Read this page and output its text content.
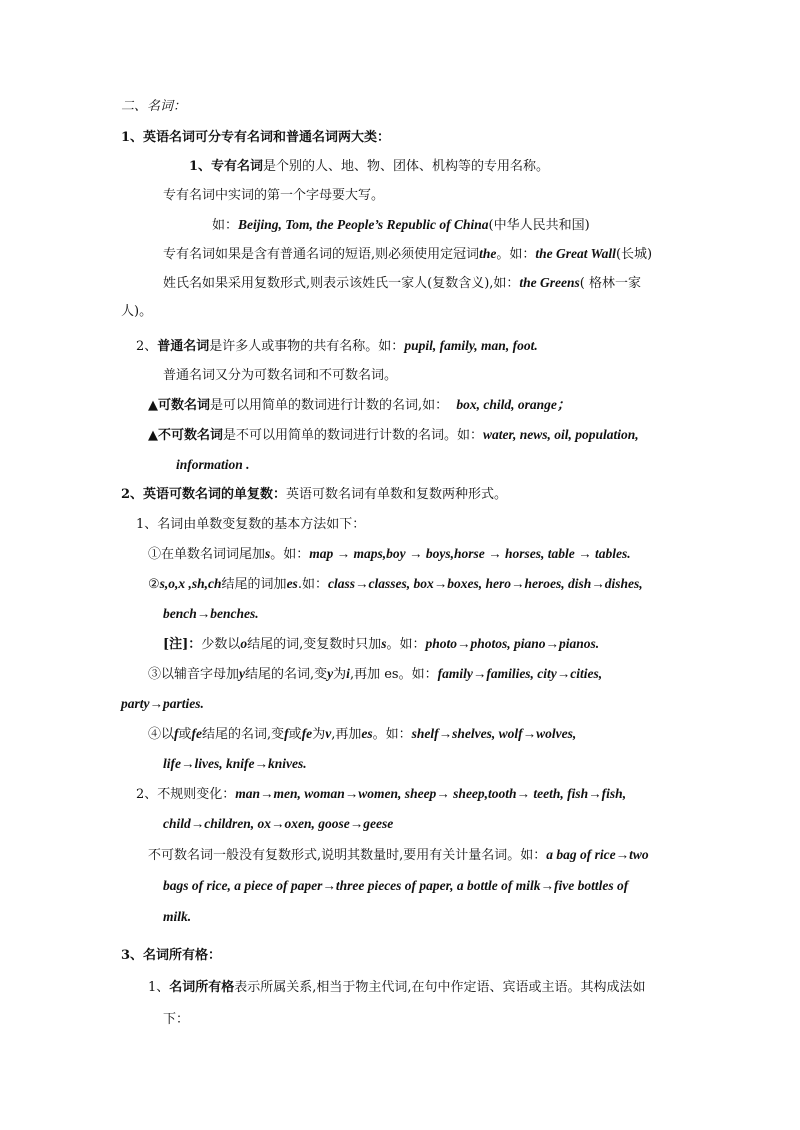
二、名词：
1、英语名词可分专有名词和普通名词两大类：
1、专有名词是个别的人、地、物、团体、机构等的专用名称。
专有名词中实词的第一个字母要大写。
如：Beijing, Tom, the People’s Republic of China(中华人民共和国)
专有名词如果是含有普通名词的短语,则必须使用定冠词the。如：the Great Wall(长城)
姓氏名如果采用复数形式,则表示该姓氏一家人(复数含义),如：the Greens( 格林一家
人)。
2、普通名词是许多人或事物的共有名称。如：pupil, family, man, foot.
普通名词又分为可数名词和不可数名词。
▲可数名词是可以用简单的数词进行计数的名词,如： box, child, orange；
▲不可数名词是不可以用简单的数词进行计数的名词。如：water, news, oil, population,
information .
2、英语可数名词的单复数：英语可数名词有单数和复数两种形式。
1、名词由单数变复数的基本方法如下：
①在单数名词词尾加s。如：map → maps,boy → boys,horse → horses, table → tables.
②s,o,x ,sh,ch结尾的词加es.如：class→classes, box→boxes, hero→heroes, dish→dishes,
bench→benches.
[注]：少数以o结尾的词,变复数时只加s。如：photo→photos, piano→pianos.
③以辅音字母加y结尾的名词,变y为i,再加 es。如：family→families, city→cities,
party→parties.
④以f或fe结尾的名词,变f或fe为v,再加es。如：shelf→shelves, wolf→wolves,
life→lives, knife→knives.
2、不规则变化：man→men, woman→women, sheep→ sheep,tooth→ teeth, fish→fish,
child→children, ox→oxen, goose→geese
不可数名词一般没有复数形式,说明其数量时,要用有关计量名词。如：a bag of rice→two
bags of rice, a piece of paper→three pieces of paper, a bottle of milk→five bottles of
milk.
3、名词所有格：
1、名词所有格表示所属关系,相当于物主代词,在句中作定语、宾语或主语。其构成法如
下：
